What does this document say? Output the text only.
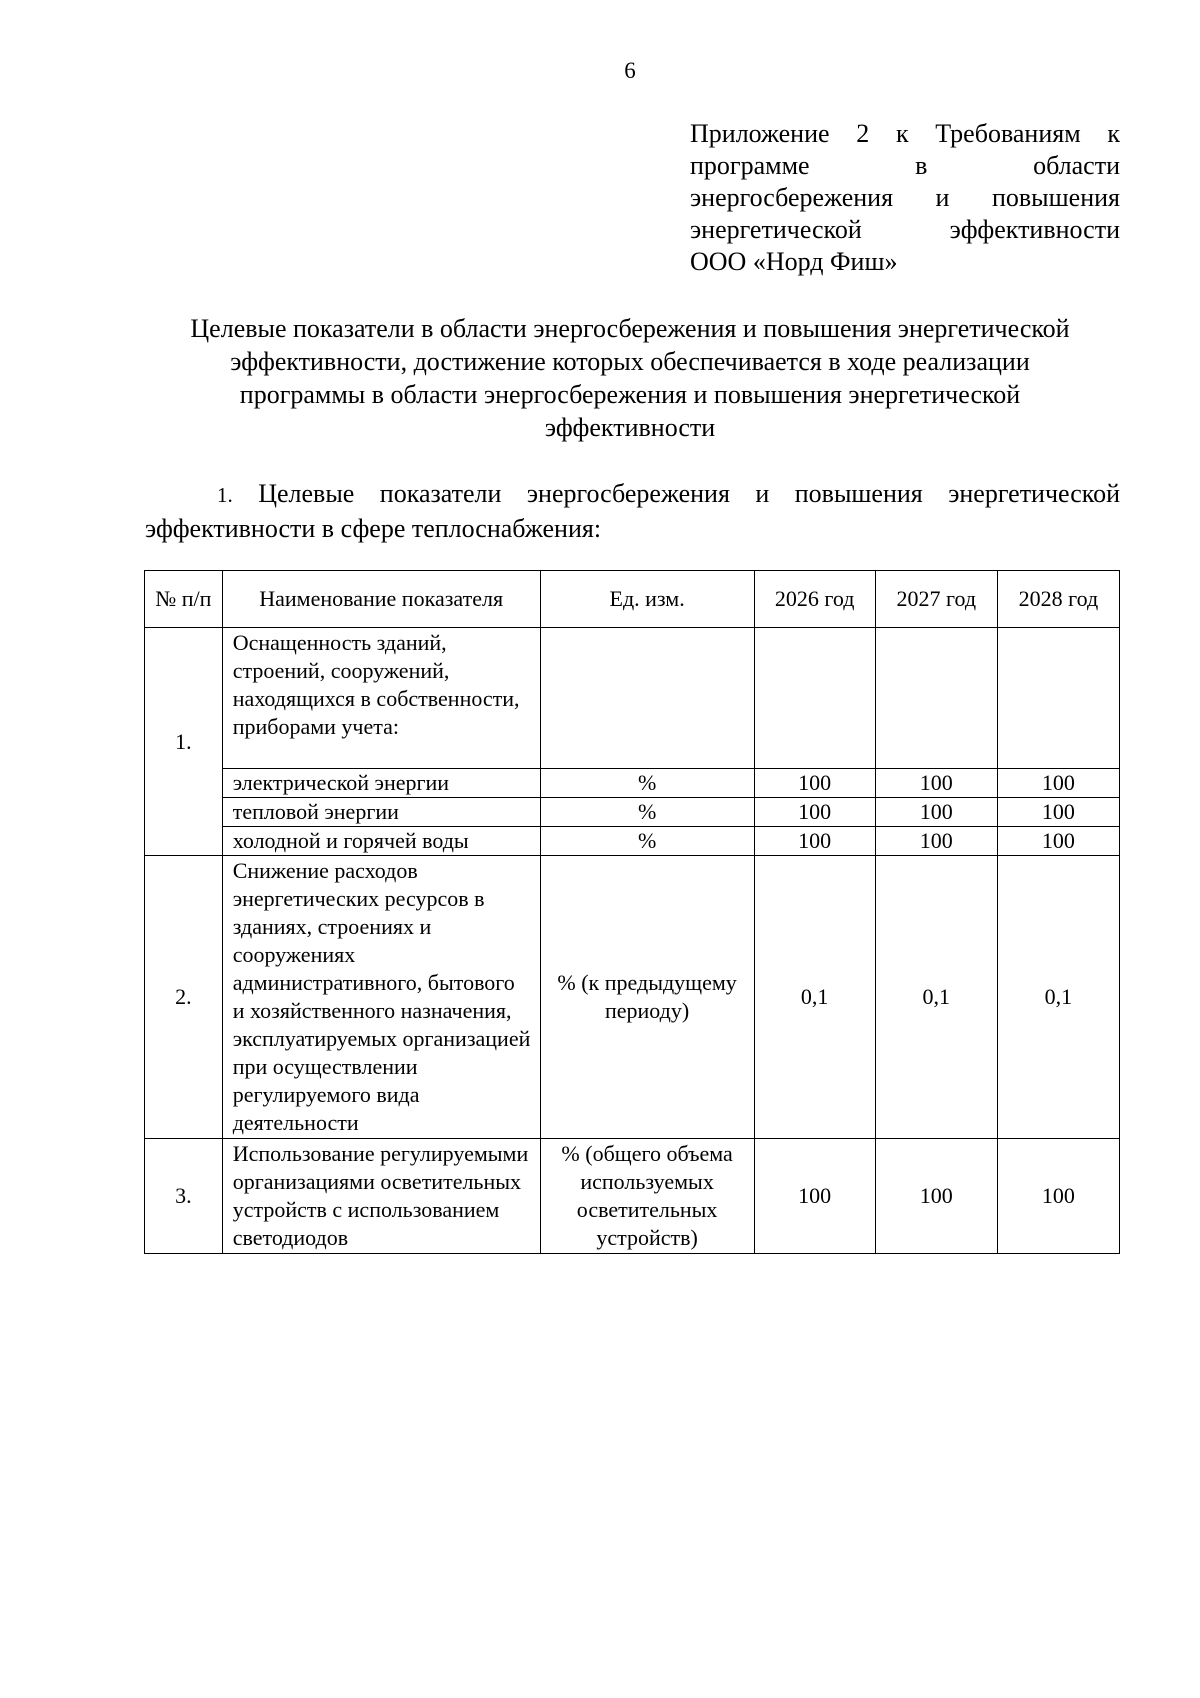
6
Приложение 2 к Требованиям к
программе в области
энергосбережения и повышения
энергетической эффективности
ООО «Норд Фиш»
Целевые показатели в области энергосбережения и повышения энергетической
эффективности, достижение которых обеспечивается в ходе реализации
программы в области энергосбережения и повышения энергетической
эффективности
1. Целевые показатели энергосбережения и повышения энергетической
эффективности в сфере теплоснабжения:
№ п/п	Наименование показателя	Ед. изм.	2026 год	2027 год	2028 год
1.	Оснащенность зданий, строений, сооружений, находящихся в собственности, приборами учета:				
	электрической энергии	%	100	100	100
	тепловой энергии	%	100	100	100
	холодной и горячей воды	%	100	100	100
2.	Снижение расходов энергетических ресурсов в зданиях, строениях и сооружениях административного, бытового и хозяйственного назначения, эксплуатируемых организацией при осуществлении регулируемого вида деятельности	% (к предыдущему периоду)	0,1	0,1	0,1
3.	Использование регулируемыми организациями осветительных устройств с использованием светодиодов	% (общего объема используемых осветительных устройств)	100	100	100
